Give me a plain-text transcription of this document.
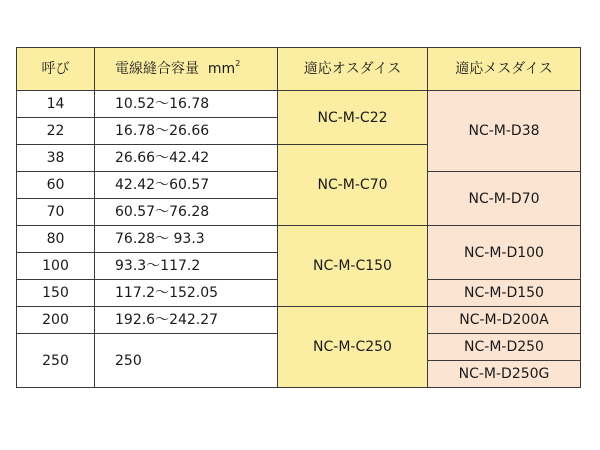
呼び	電線縫合容量 $mm^2$	適応オスダイス	適応メスダイス
14	10.52～16.78	NC-M-C22	NC-M-D38
22	16.78～26.66		
38	26.66～42.42	NC-M-C70	
60	42.42～60.57		NC-M-D70
70	60.57～76.28		
80	76.28～ 93.3	NC-M-C150	NC-M-D100
100	93.3～117.2		
150	117.2～152.05		NC-M-D150
200	192.6～242.27	NC-M-C250	NC-M-D200A
250	250		NC-M-D250
			NC-M-D250G
